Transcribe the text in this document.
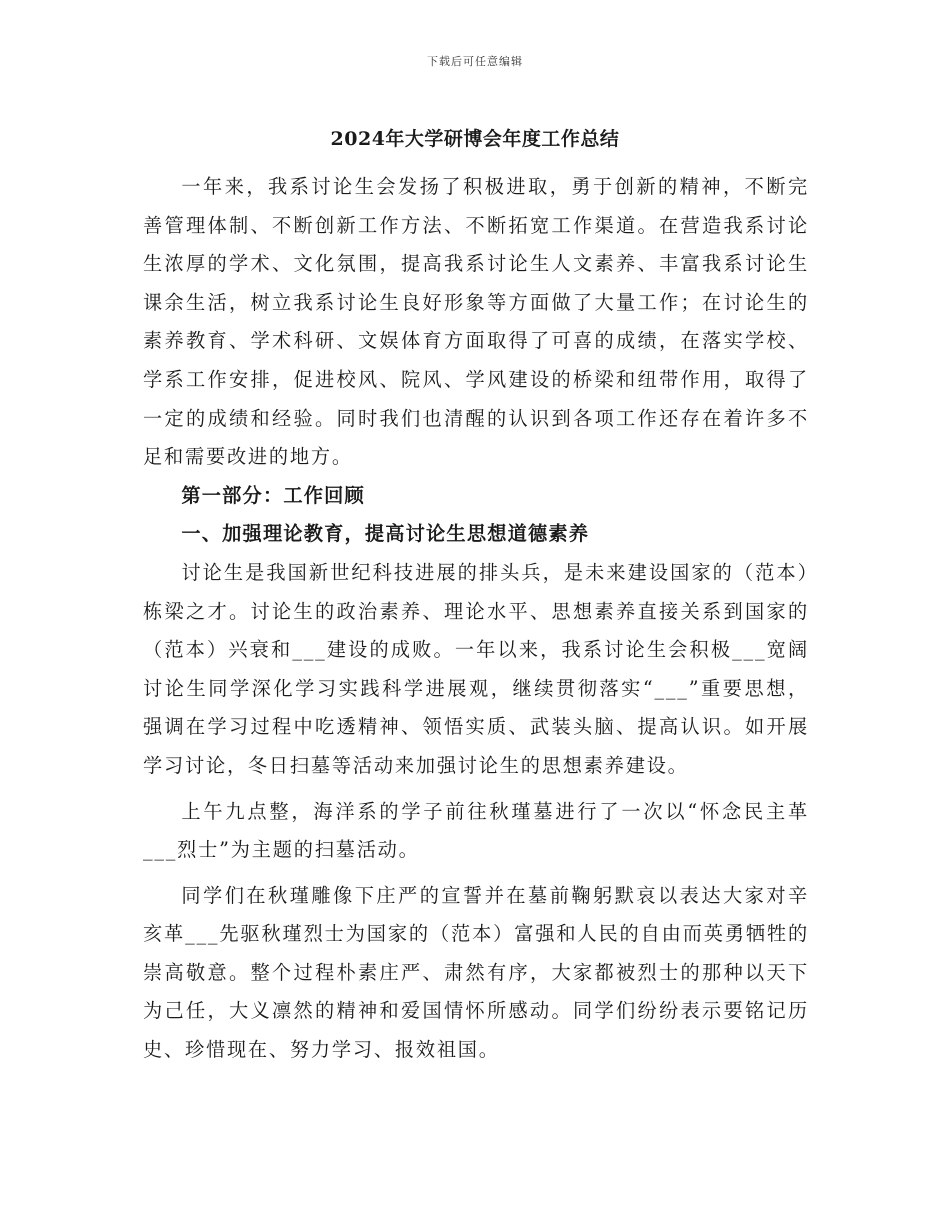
下载后可任意编辑
2024年大学研博会年度工作总结

一年来，我系讨论生会发扬了积极进取，勇于创新的精神，不断完善管理体制、不断创新工作方法、不断拓宽工作渠道。在营造我系讨论生浓厚的学术、文化氛围，提高我系讨论生人文素养、丰富我系讨论生课余生活，树立我系讨论生良好形象等方面做了大量工作；在讨论生的素养教育、学术科研、文娱体育方面取得了可喜的成绩，在落实学校、学系工作安排，促进校风、院风、学风建设的桥梁和纽带作用，取得了一定的成绩和经验。同时我们也清醒的认识到各项工作还存在着许多不足和需要改进的地方。

第一部分：工作回顾

一、加强理论教育，提高讨论生思想道德素养

讨论生是我国新世纪科技进展的排头兵，是未来建设国家的（范本）栋梁之才。讨论生的政治素养、理论水平、思想素养直接关系到国家的（范本）兴衰和___建设的成败。一年以来，我系讨论生会积极___宽阔讨论生同学深化学习实践科学进展观，继续贯彻落实“___”重要思想，强调在学习过程中吃透精神、领悟实质、武装头脑、提高认识。如开展学习讨论，冬日扫墓等活动来加强讨论生的思想素养建设。

上午九点整，海洋系的学子前往秋瑾墓进行了一次以“怀念民主革___烈士”为主题的扫墓活动。

同学们在秋瑾雕像下庄严的宣誓并在墓前鞠躬默哀以表达大家对辛亥革___先驱秋瑾烈士为国家的（范本）富强和人民的自由而英勇牺牲的崇高敬意。整个过程朴素庄严、肃然有序，大家都被烈士的那种以天下为己任，大义凛然的精神和爱国情怀所感动。同学们纷纷表示要铭记历史、珍惜现在、努力学习、报效祖国。
